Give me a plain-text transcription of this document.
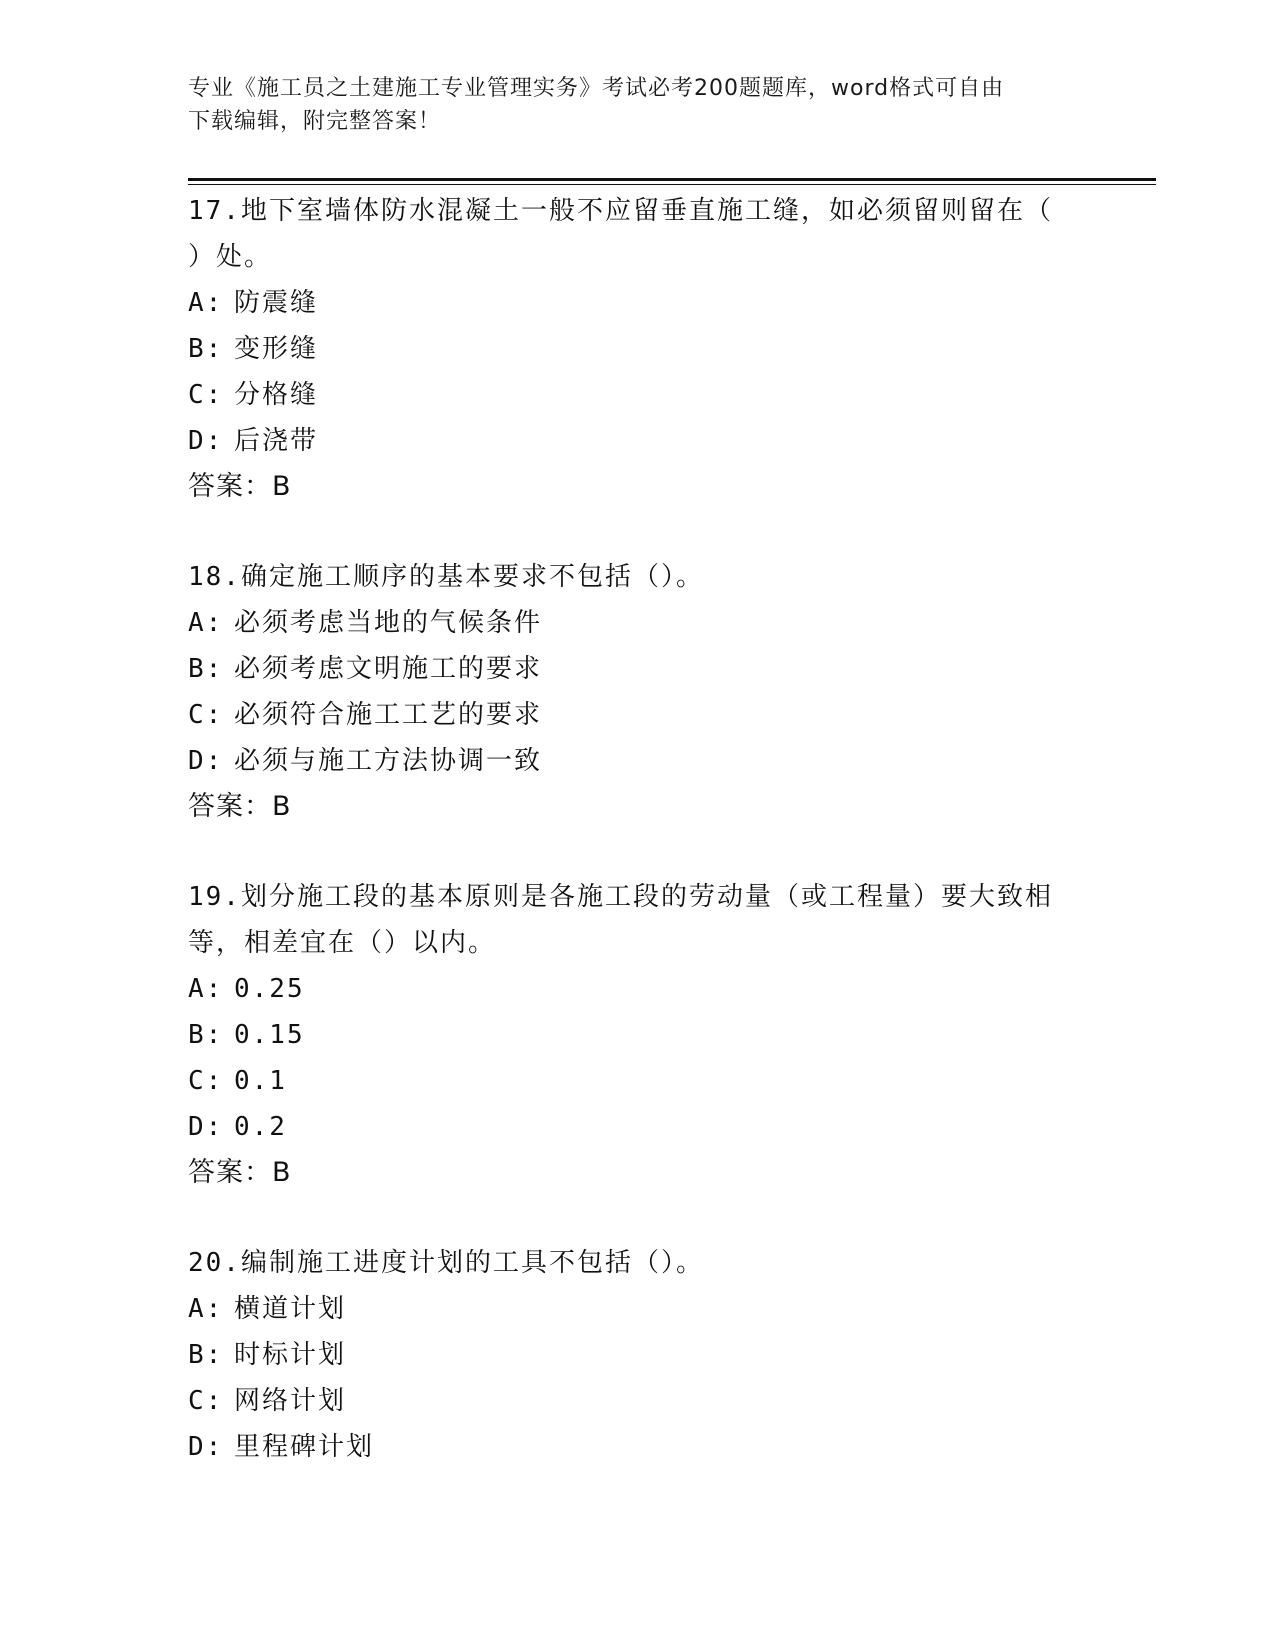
专业《施工员之土建施工专业管理实务》考试必考200题题库，word格式可自由
下载编辑，附完整答案！
17.地下室墙体防水混凝土一般不应留垂直施工缝，如必须留则留在（
）处。
A: 防震缝
B: 变形缝
C: 分格缝
D: 后浇带
答案：B
18.确定施工顺序的基本要求不包括（）。
A: 必须考虑当地的气候条件
B: 必须考虑文明施工的要求
C: 必须符合施工工艺的要求
D: 必须与施工方法协调一致
答案：B
19.划分施工段的基本原则是各施工段的劳动量（或工程量）要大致相
等，相差宜在（）以内。
A: 0.25
B: 0.15
C: 0.1
D: 0.2
答案：B
20.编制施工进度计划的工具不包括（）。
A: 横道计划
B: 时标计划
C: 网络计划
D: 里程碑计划
